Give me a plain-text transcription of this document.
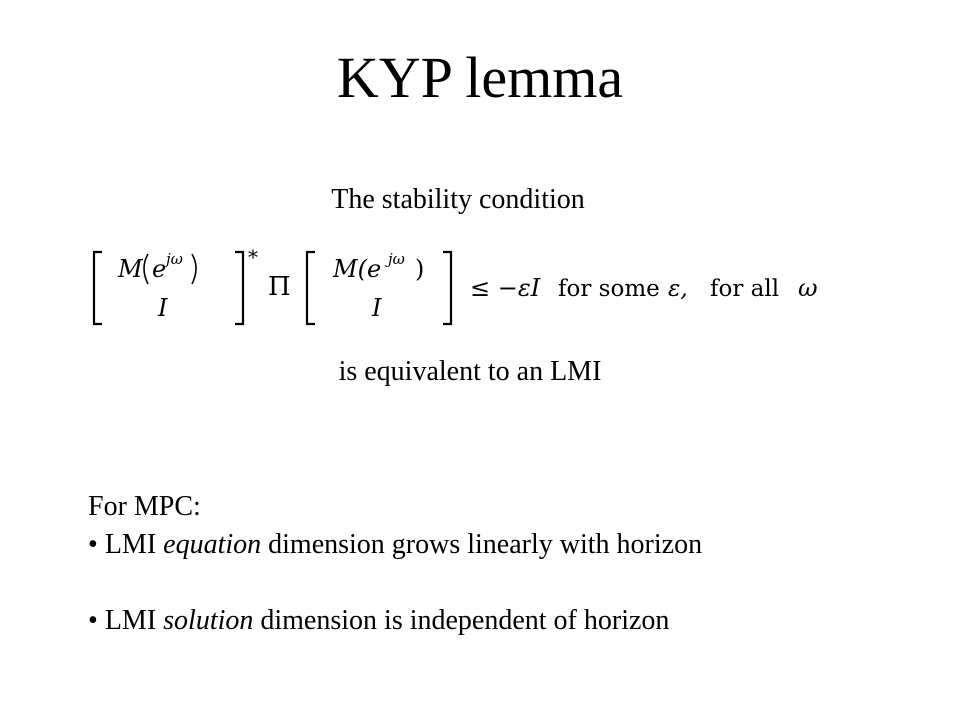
KYP lemma
The stability condition
M e jω
I
*
Π
M(e jω )
I
≤ −εI for some ε, for all ω
is equivalent to an LMI
For MPC:
• LMI equation dimension grows linearly with horizon
• LMI solution dimension is independent of horizon
